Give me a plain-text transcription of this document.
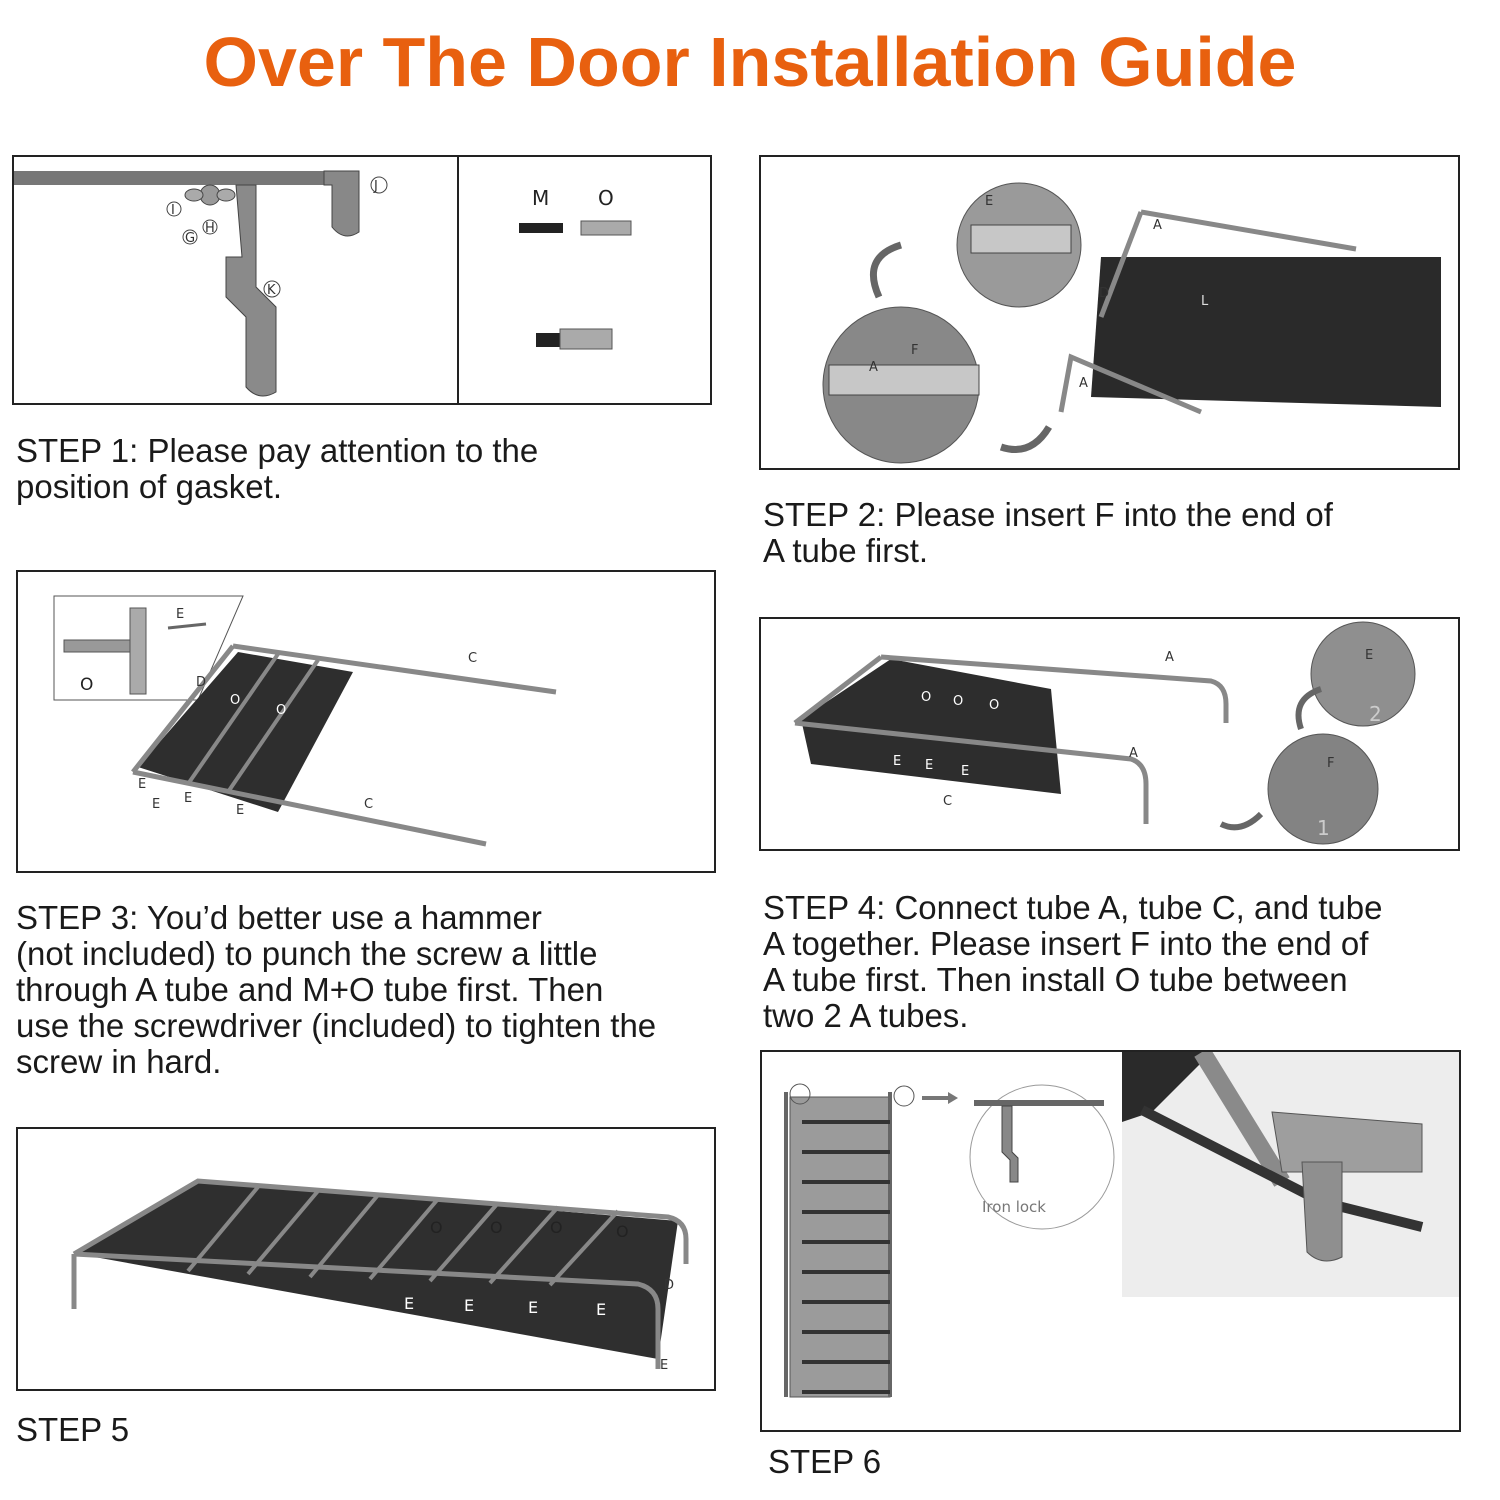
Over The Door Installation Guide
J
I
H
G
K
M O
STEP 1: Please pay attention to the
position of gasket.
E
F
A
A
D
L
A
STEP 2: Please insert F into the end of
A tube first.
E
O
C
D
O
O
E
E E
E	C
STEP 3: You’d better use a hammer
(not included) to punch the screw a little
through A tube and M+O tube first. Then
use the screwdriver (included) to tighten the
screw in hard.
A
A
O O O
E E E
C
E
F
2
1
STEP 4: Connect tube A, tube C, and tube
A together. Please insert F into the end of
A tube first. Then install O tube between
two 2 A tubes.
O	O	O	O
E	E	E	E
D
E
STEP 5
Iron lock
STEP 6
